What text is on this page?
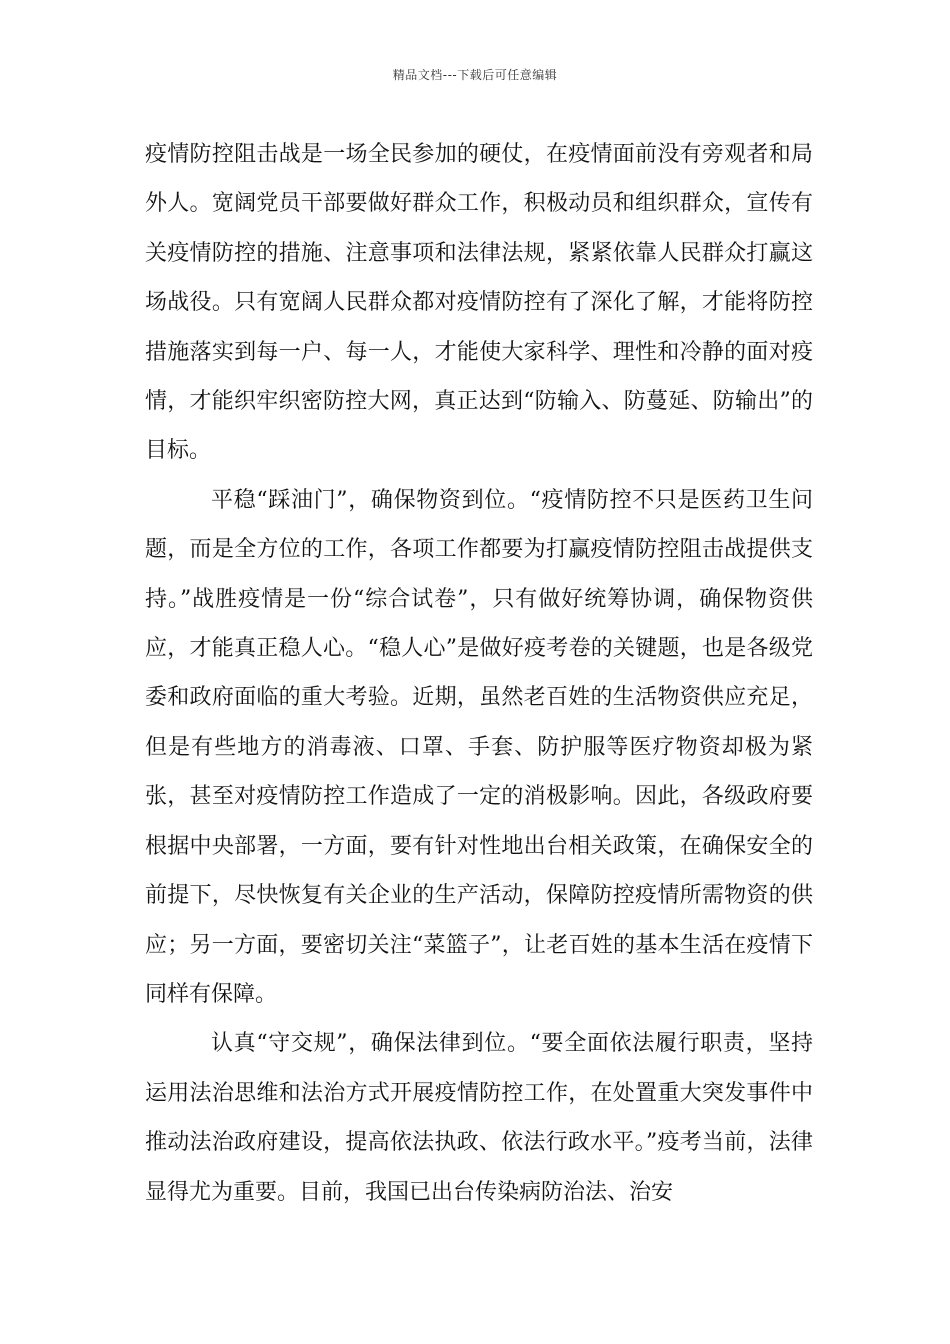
精品文档---下载后可任意编辑

疫情防控阻击战是一场全民参加的硬仗，在疫情面前没有旁观者和局外人。宽阔党员干部要做好群众工作，积极动员和组织群众，宣传有关疫情防控的措施、注意事项和法律法规，紧紧依靠人民群众打赢这场战役。只有宽阔人民群众都对疫情防控有了深化了解，才能将防控措施落实到每一户、每一人，才能使大家科学、理性和冷静的面对疫情，才能织牢织密防控大网，真正达到“防输入、防蔓延、防输出”的目标。

平稳“踩油门”，确保物资到位。“疫情防控不只是医药卫生问题，而是全方位的工作，各项工作都要为打赢疫情防控阻击战提供支持。”战胜疫情是一份“综合试卷”，只有做好统筹协调，确保物资供应，才能真正稳人心。“稳人心”是做好疫考卷的关键题，也是各级党委和政府面临的重大考验。近期，虽然老百姓的生活物资供应充足，但是有些地方的消毒液、口罩、手套、防护服等医疗物资却极为紧张，甚至对疫情防控工作造成了一定的消极影响。因此，各级政府要根据中央部署，一方面，要有针对性地出台相关政策，在确保安全的前提下，尽快恢复有关企业的生产活动，保障防控疫情所需物资的供应；另一方面，要密切关注“菜篮子”，让老百姓的基本生活在疫情下同样有保障。

认真“守交规”，确保法律到位。“要全面依法履行职责，坚持运用法治思维和法治方式开展疫情防控工作，在处置重大突发事件中推动法治政府建设，提高依法执政、依法行政水平。”疫考当前，法律显得尤为重要。目前，我国已出台传染病防治法、治安
